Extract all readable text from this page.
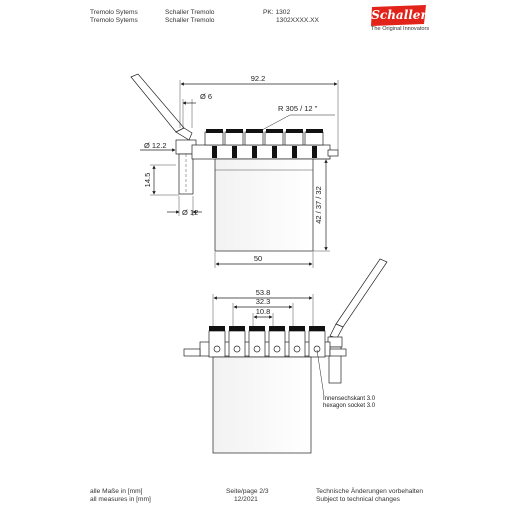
Tremolo Sytems
Tremolo Sytems
Schaller Tremolo
Schaller Tremolo
PK: 1302
1302XXXX.XX	Schaller
The Original Innovators
92.2
Ø 6
R 305 / 12 "
Ø 12.2
14.5
Ø 12	42 / 37 / 32
50
53.8
32.3
10.8
Innensechskant 3.0
hexagon socket 3.0
alle Maße in [mm]
all measures in [mm]
Seite/page 2/3
12/2021
Technische Änderungen vorbehalten
Subject to technical changes
